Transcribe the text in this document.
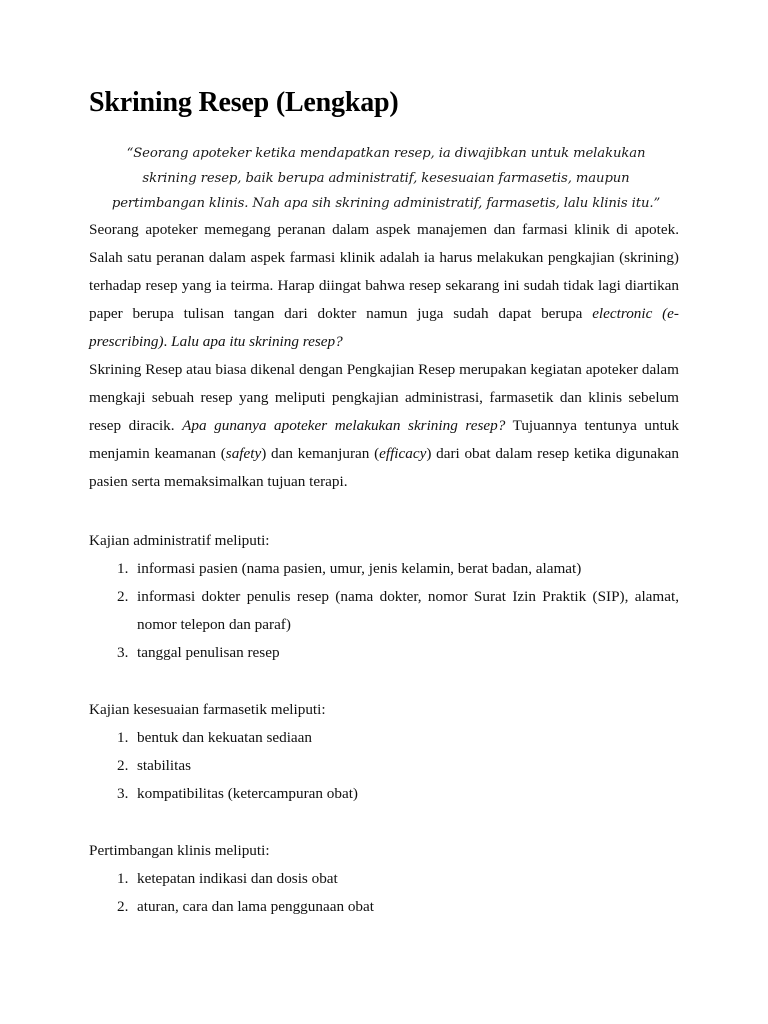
Skrining Resep (Lengkap)
“Seorang apoteker ketika mendapatkan resep, ia diwajibkan untuk melakukan skrining resep, baik berupa administratif, kesesuaian farmasetis, maupun pertimbangan klinis. Nah apa sih skrining administratif, farmasetis, lalu klinis itu.”

Seorang apoteker memegang peranan dalam aspek manajemen dan farmasi klinik di apotek. Salah satu peranan dalam aspek farmasi klinik adalah ia harus melakukan pengkajian (skrining) terhadap resep yang ia teirma. Harap diingat bahwa resep sekarang ini sudah tidak lagi diartikan paper berupa tulisan tangan dari dokter namun juga sudah dapat berupa electronic (e-prescribing). Lalu apa itu skrining resep?

Skrining Resep atau biasa dikenal dengan Pengkajian Resep merupakan kegiatan apoteker dalam mengkaji sebuah resep yang meliputi pengkajian administrasi, farmasetik dan klinis sebelum resep diracik. Apa gunanya apoteker melakukan skrining resep? Tujuannya tentunya untuk menjamin keamanan (safety) dan kemanjuran (efficacy) dari obat dalam resep ketika digunakan pasien serta memaksimalkan tujuan terapi.

Kajian administratif meliputi:

informasi pasien (nama pasien, umur, jenis kelamin, berat badan, alamat)
informasi dokter penulis resep (nama dokter, nomor Surat Izin Praktik (SIP), alamat, nomor telepon dan paraf)
tanggal penulisan resep

Kajian kesesuaian farmasetik meliputi:

bentuk dan kekuatan sediaan
stabilitas
kompatibilitas (ketercampuran obat)

Pertimbangan klinis meliputi:

ketepatan indikasi dan dosis obat
aturan, cara dan lama penggunaan obat
